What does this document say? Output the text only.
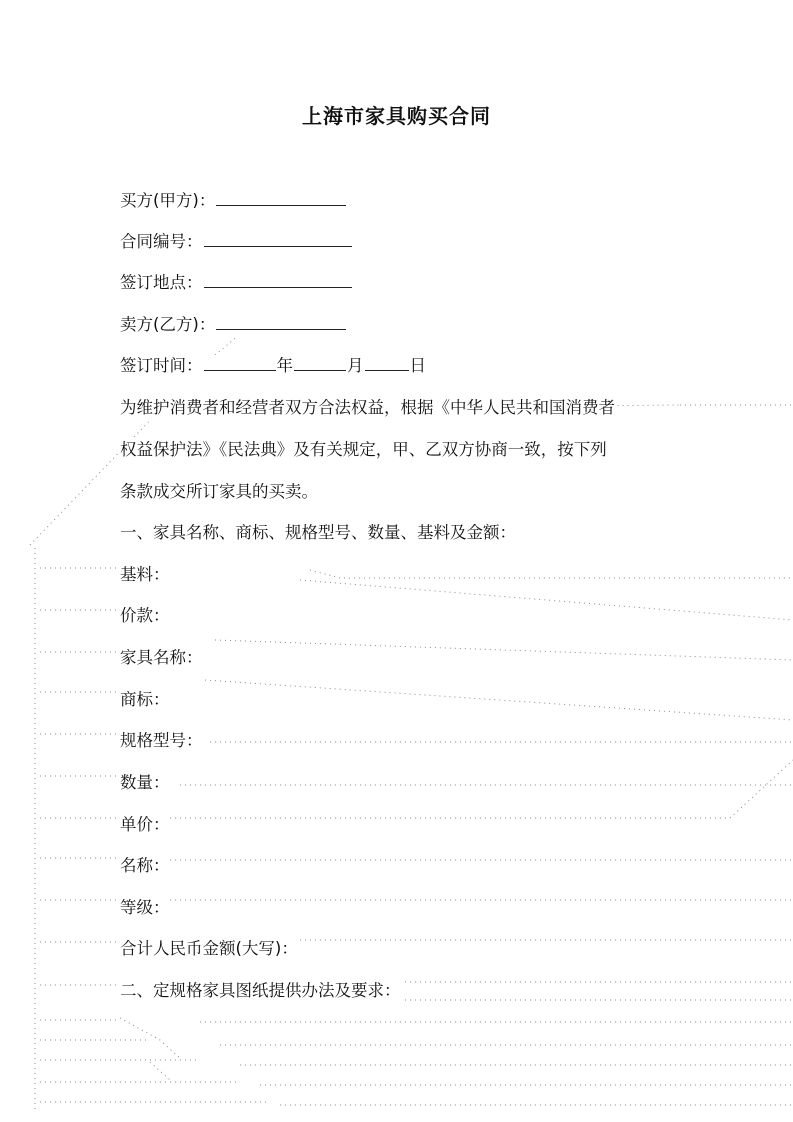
上海市家具购买合同
买方(甲方)：
合同编号：
签订地点：
卖方(乙方)：
签订时间：	年	月	日
为维护消费者和经营者双方合法权益，根据《中华人民共和国消费者
权益保护法》《民法典》及有关规定，甲、乙双方协商一致，按下列
条款成交所订家具的买卖。
一、家具名称、商标、规格型号、数量、基料及金额：
基料：
价款：
家具名称：
商标：
规格型号：
数量：
单价：
名称：
等级：
合计人民币金额(大写)：
二、定规格家具图纸提供办法及要求：
